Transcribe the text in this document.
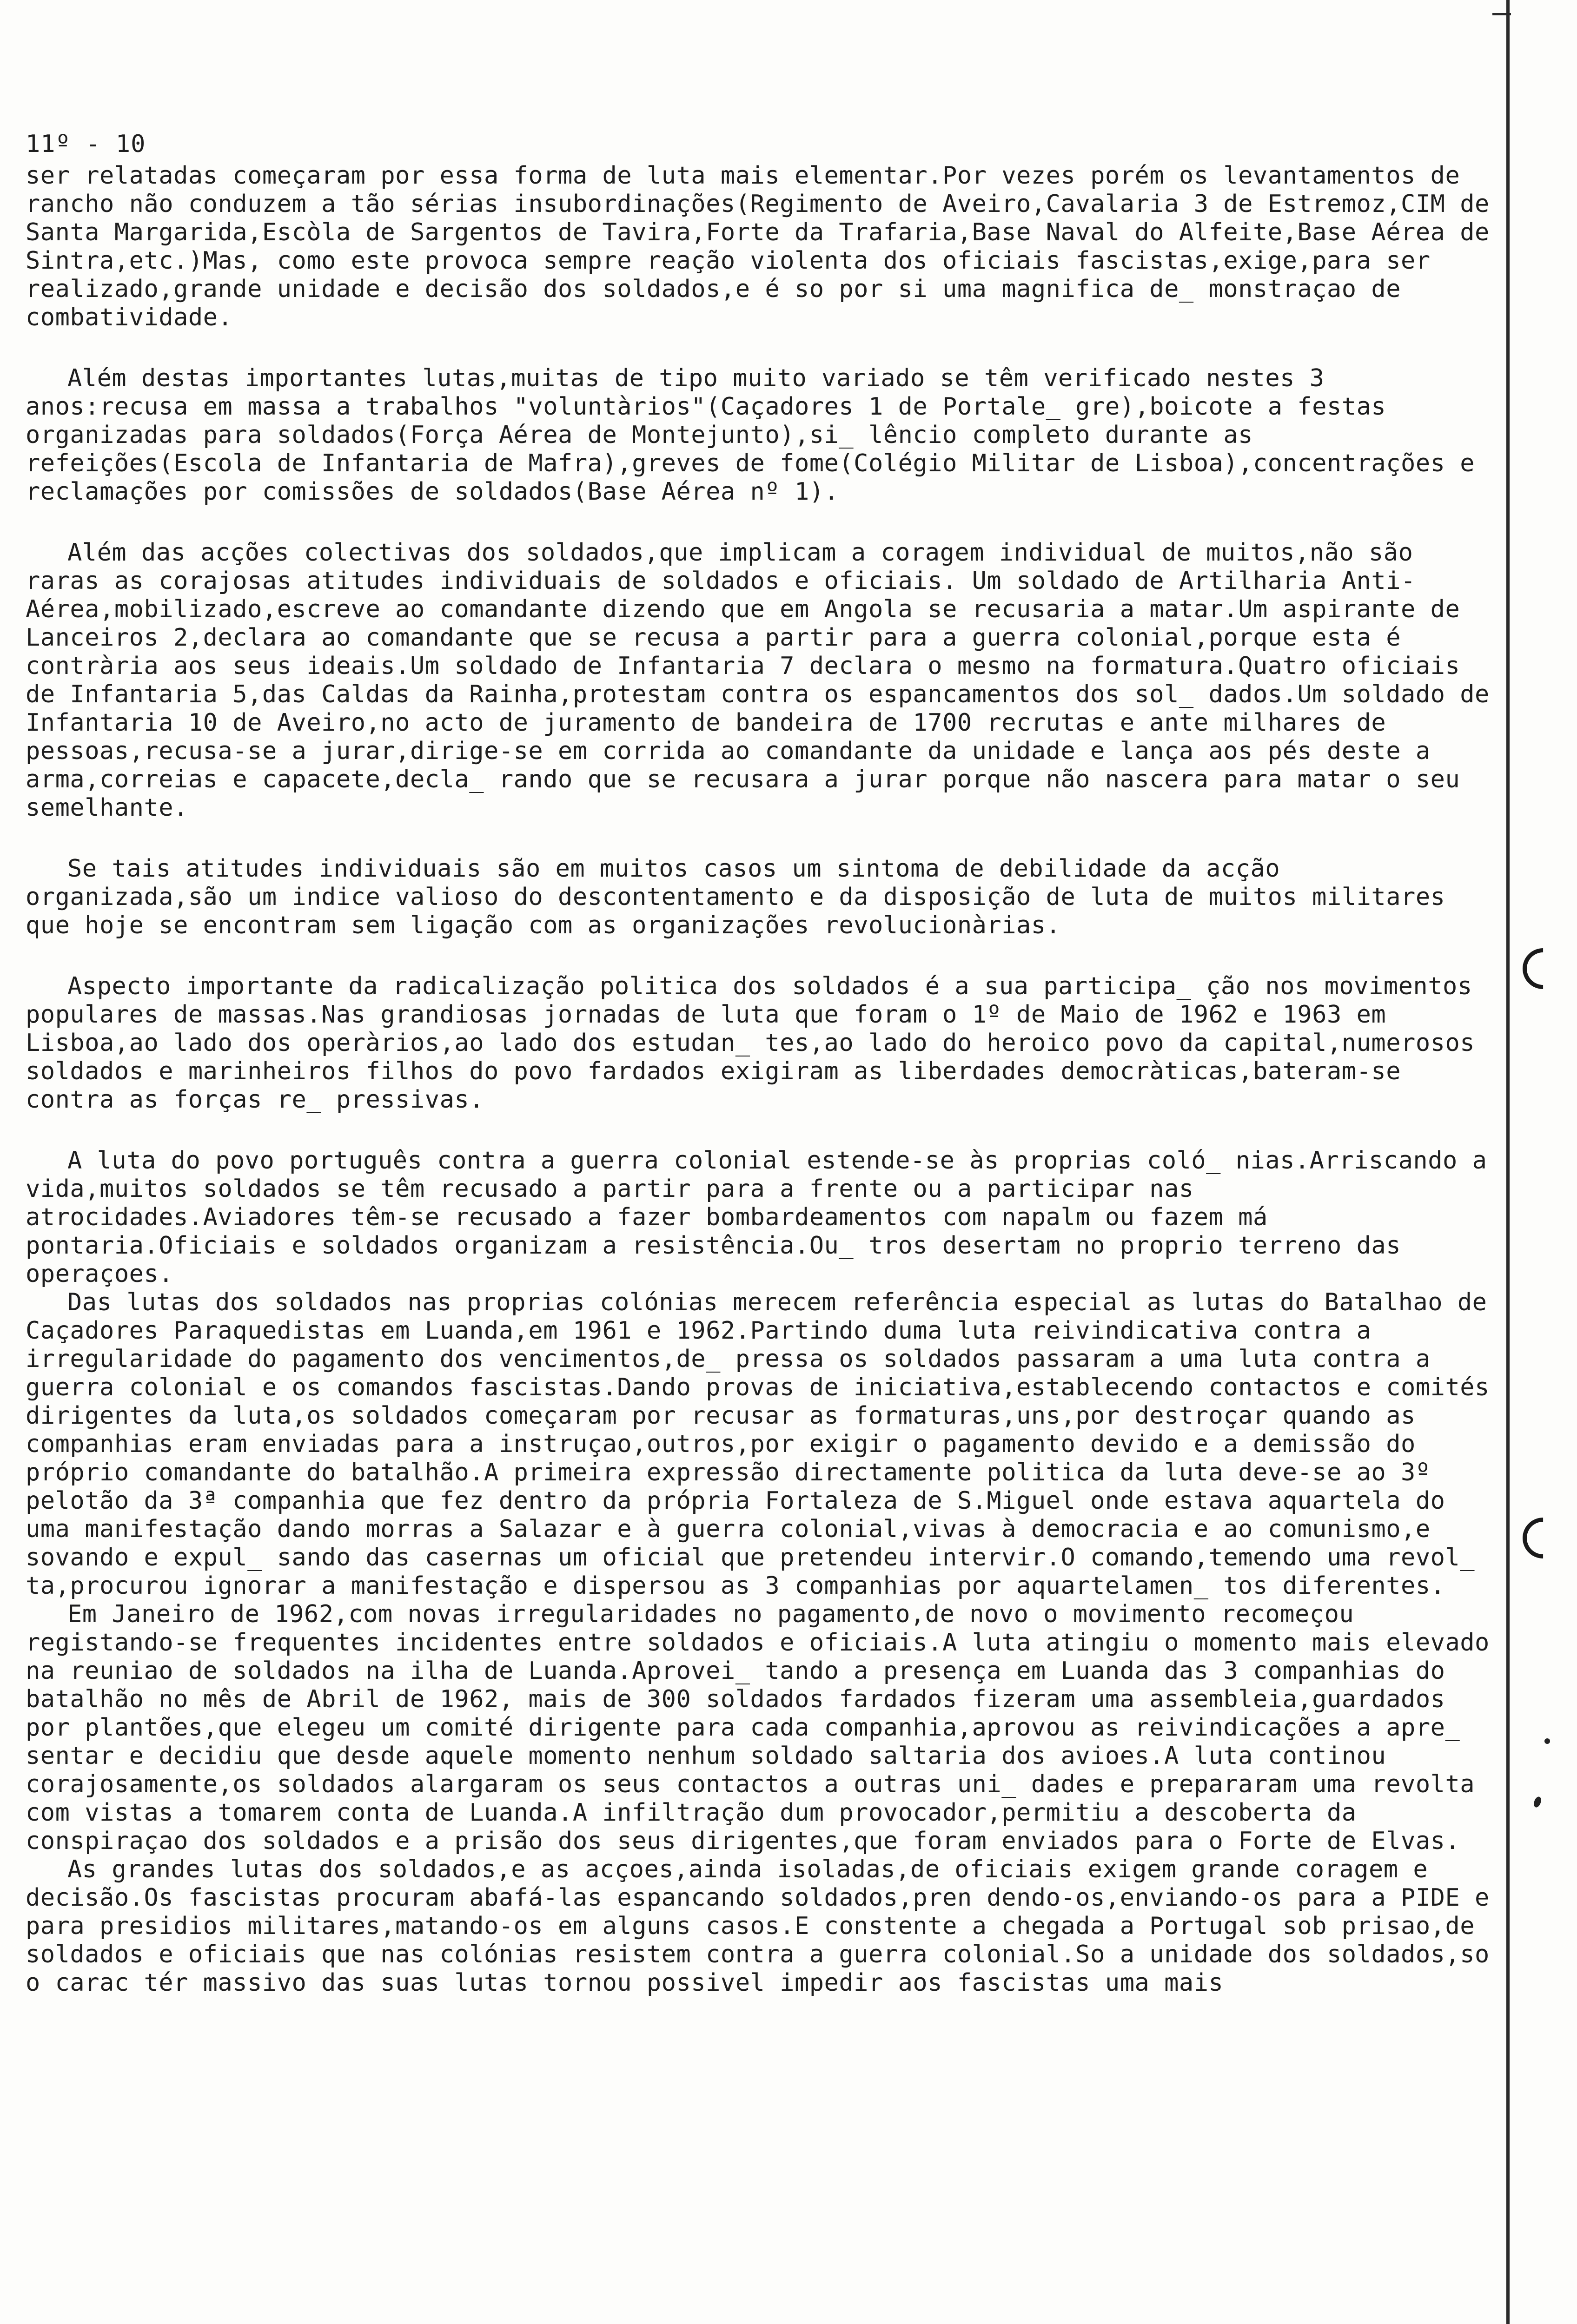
11º - 10

ser relatadas começaram por essa forma de luta mais elementar.Por vezes porém os levantamentos de rancho não conduzem a tão sérias insubordinações(Regimento de Aveiro,Cavalaria 3 de Estremoz,CIM de Santa Margarida,Escòla de Sargentos de Tavira,Forte da Trafaria,Base Naval do Alfeite,Base Aérea de Sintra,etc.)Mas, como este provoca sempre reação violenta dos oficiais fascistas,exige,para ser realizado,grande unidade e decisão dos soldados,e é so por si uma magnifica de_ monstraçao de combatividade.

Além destas importantes lutas,muitas de tipo muito variado se têm verificado nestes 3 anos:recusa em massa a trabalhos "voluntàrios"(Caçadores 1 de Portale_ gre),boicote a festas organizadas para soldados(Força Aérea de Montejunto),si_ lêncio completo durante as refeições(Escola de Infantaria de Mafra),greves de fome(Colégio Militar de Lisboa),concentrações e reclamações por comissões de soldados(Base Aérea nº 1).

Além das acções colectivas dos soldados,que implicam a coragem individual de muitos,não são raras as corajosas atitudes individuais de soldados e oficiais. Um soldado de Artilharia Anti-Aérea,mobilizado,escreve ao comandante dizendo que em Angola se recusaria a matar.Um aspirante de Lanceiros 2,declara ao comandante que se recusa a partir para a guerra colonial,porque esta é contrària aos seus ideais.Um soldado de Infantaria 7 declara o mesmo na formatura.Quatro oficiais de Infantaria 5,das Caldas da Rainha,protestam contra os espancamentos dos sol_ dados.Um soldado de Infantaria 10 de Aveiro,no acto de juramento de bandeira de 1700 recrutas e ante milhares de pessoas,recusa-se a jurar,dirige-se em corrida ao comandante da unidade e lança aos pés deste a arma,correias e capacete,decla_ rando que se recusara a jurar porque não nascera para matar o seu semelhante.

Se tais atitudes individuais são em muitos casos um sintoma de debilidade da acção organizada,são um indice valioso do descontentamento e da disposição de luta de muitos militares que hoje se encontram sem ligação com as organizações revolucionàrias.

Aspecto importante da radicalização politica dos soldados é a sua participa_ ção nos movimentos populares de massas.Nas grandiosas jornadas de luta que foram o 1º de Maio de 1962 e 1963 em Lisboa,ao lado dos operàrios,ao lado dos estudan_ tes,ao lado do heroico povo da capital,numerosos soldados e marinheiros filhos do povo fardados exigiram as liberdades democràticas,bateram-se contra as forças re_ pressivas.

A luta do povo português contra a guerra colonial estende-se às proprias coló_ nias.Arriscando a vida,muitos soldados se têm recusado a partir para a frente ou a participar nas atrocidades.Aviadores têm-se recusado a fazer bombardeamentos com napalm ou fazem má pontaria.Oficiais e soldados organizam a resistência.Ou_ tros desertam no proprio terreno das operaçoes.

Das lutas dos soldados nas proprias colónias merecem referência especial as lutas do Batalhao de Caçadores Paraquedistas em Luanda,em 1961 e 1962.Partindo duma luta reivindicativa contra a irregularidade do pagamento dos vencimentos,de_ pressa os soldados passaram a uma luta contra a guerra colonial e os comandos fascistas.Dando provas de iniciativa,establecendo contactos e comités dirigentes da luta,os soldados começaram por recusar as formaturas,uns,por destroçar quando as companhias eram enviadas para a instruçao,outros,por exigir o pagamento devido e a demissão do próprio comandante do batalhão.A primeira expressão directamente politica da luta deve-se ao 3º pelotão da 3ª companhia que fez dentro da própria Fortaleza de S.Miguel onde estava aquartela do uma manifestação dando morras a Salazar e à guerra colonial,vivas à democracia e ao comunismo,e sovando e expul_ sando das casernas um oficial que pretendeu intervir.O comando,temendo uma revol_ ta,procurou ignorar a manifestação e dispersou as 3 companhias por aquartelamen_ tos diferentes.

Em Janeiro de 1962,com novas irregularidades no pagamento,de novo o movimento recomeçou registando-se frequentes incidentes entre soldados e oficiais.A luta atingiu o momento mais elevado na reuniao de soldados na ilha de Luanda.Aprovei_ tando a presença em Luanda das 3 companhias do batalhão no mês de Abril de 1962, mais de 300 soldados fardados fizeram uma assembleia,guardados por plantões,que elegeu um comité dirigente para cada companhia,aprovou as reivindicações a apre_ sentar e decidiu que desde aquele momento nenhum soldado saltaria dos avioes.A luta continou corajosamente,os soldados alargaram os seus contactos a outras uni_ dades e prepararam uma revolta com vistas a tomarem conta de Luanda.A infiltração dum provocador,permitiu a descoberta da conspiraçao dos soldados e a prisão dos seus dirigentes,que foram enviados para o Forte de Elvas.

As grandes lutas dos soldados,e as acçoes,ainda isoladas,de oficiais exigem grande coragem e decisão.Os fascistas procuram abafá-las espancando soldados,pren dendo-os,enviando-os para a PIDE e para presidios militares,matando-os em alguns casos.E constente a chegada a Portugal sob prisao,de soldados e oficiais que nas colónias resistem contra a guerra colonial.So a unidade dos soldados,so o carac tér massivo das suas lutas tornou possivel impedir aos fascistas uma mais
